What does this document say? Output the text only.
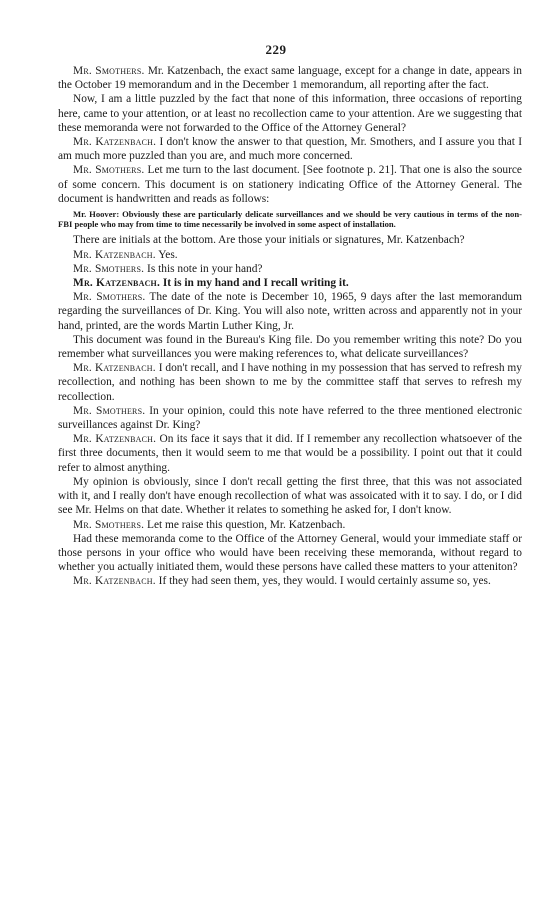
229

Mr. Smothers. Mr. Katzenbach, the exact same language, except for a change in date, appears in the October 19 memorandum and in the December 1 memorandum, all reporting after the fact.

Now, I am a little puzzled by the fact that none of this information, three occasions of reporting here, came to your attention, or at least no recollection came to your attention. Are we suggesting that these memoranda were not forwarded to the Office of the Attorney General?

Mr. Katzenbach. I don't know the answer to that question, Mr. Smothers, and I assure you that I am much more puzzled than you are, and much more concerned.

Mr. Smothers. Let me turn to the last document. [See footnote p. 21]. That one is also the source of some concern. This document is on stationery indicating Office of the Attorney General. The document is handwritten and reads as follows:

Mr. Hoover: Obviously these are particularly delicate surveillances and we should be very cautious in terms of the non-FBI people who may from time to time necessarily be involved in some aspect of installation.

There are initials at the bottom. Are those your initials or signatures, Mr. Katzenbach?

Mr. Katzenbach. Yes.

Mr. Smothers. Is this note in your hand?

Mr. Katzenbach. It is in my hand and I recall writing it.

Mr. Smothers. The date of the note is December 10, 1965, 9 days after the last memorandum regarding the surveillances of Dr. King. You will also note, written across and apparently not in your hand, printed, are the words Martin Luther King, Jr.

This document was found in the Bureau's King file. Do you remember writing this note? Do you remember what surveillances you were making references to, what delicate surveillances?

Mr. Katzenbach. I don't recall, and I have nothing in my possession that has served to refresh my recollection, and nothing has been shown to me by the committee staff that serves to refresh my recollection.

Mr. Smothers. In your opinion, could this note have referred to the three mentioned electronic surveillances against Dr. King?

Mr. Katzenbach. On its face it says that it did. If I remember any recollection whatsoever of the first three documents, then it would seem to me that would be a possibility. I point out that it could refer to almost anything.

My opinion is obviously, since I don't recall getting the first three, that this was not associated with it, and I really don't have enough recollection of what was assoicated with it to say. I do, or I did see Mr. Helms on that date. Whether it relates to something he asked for, I don't know.

Mr. Smothers. Let me raise this question, Mr. Katzenbach.

Had these memoranda come to the Office of the Attorney General, would your immediate staff or those persons in your office who would have been receiving these memoranda, without regard to whether you actually initiated them, would these persons have called these matters to your atteniton?

Mr. Katzenbach. If they had seen them, yes, they would. I would certainly assume so, yes.
